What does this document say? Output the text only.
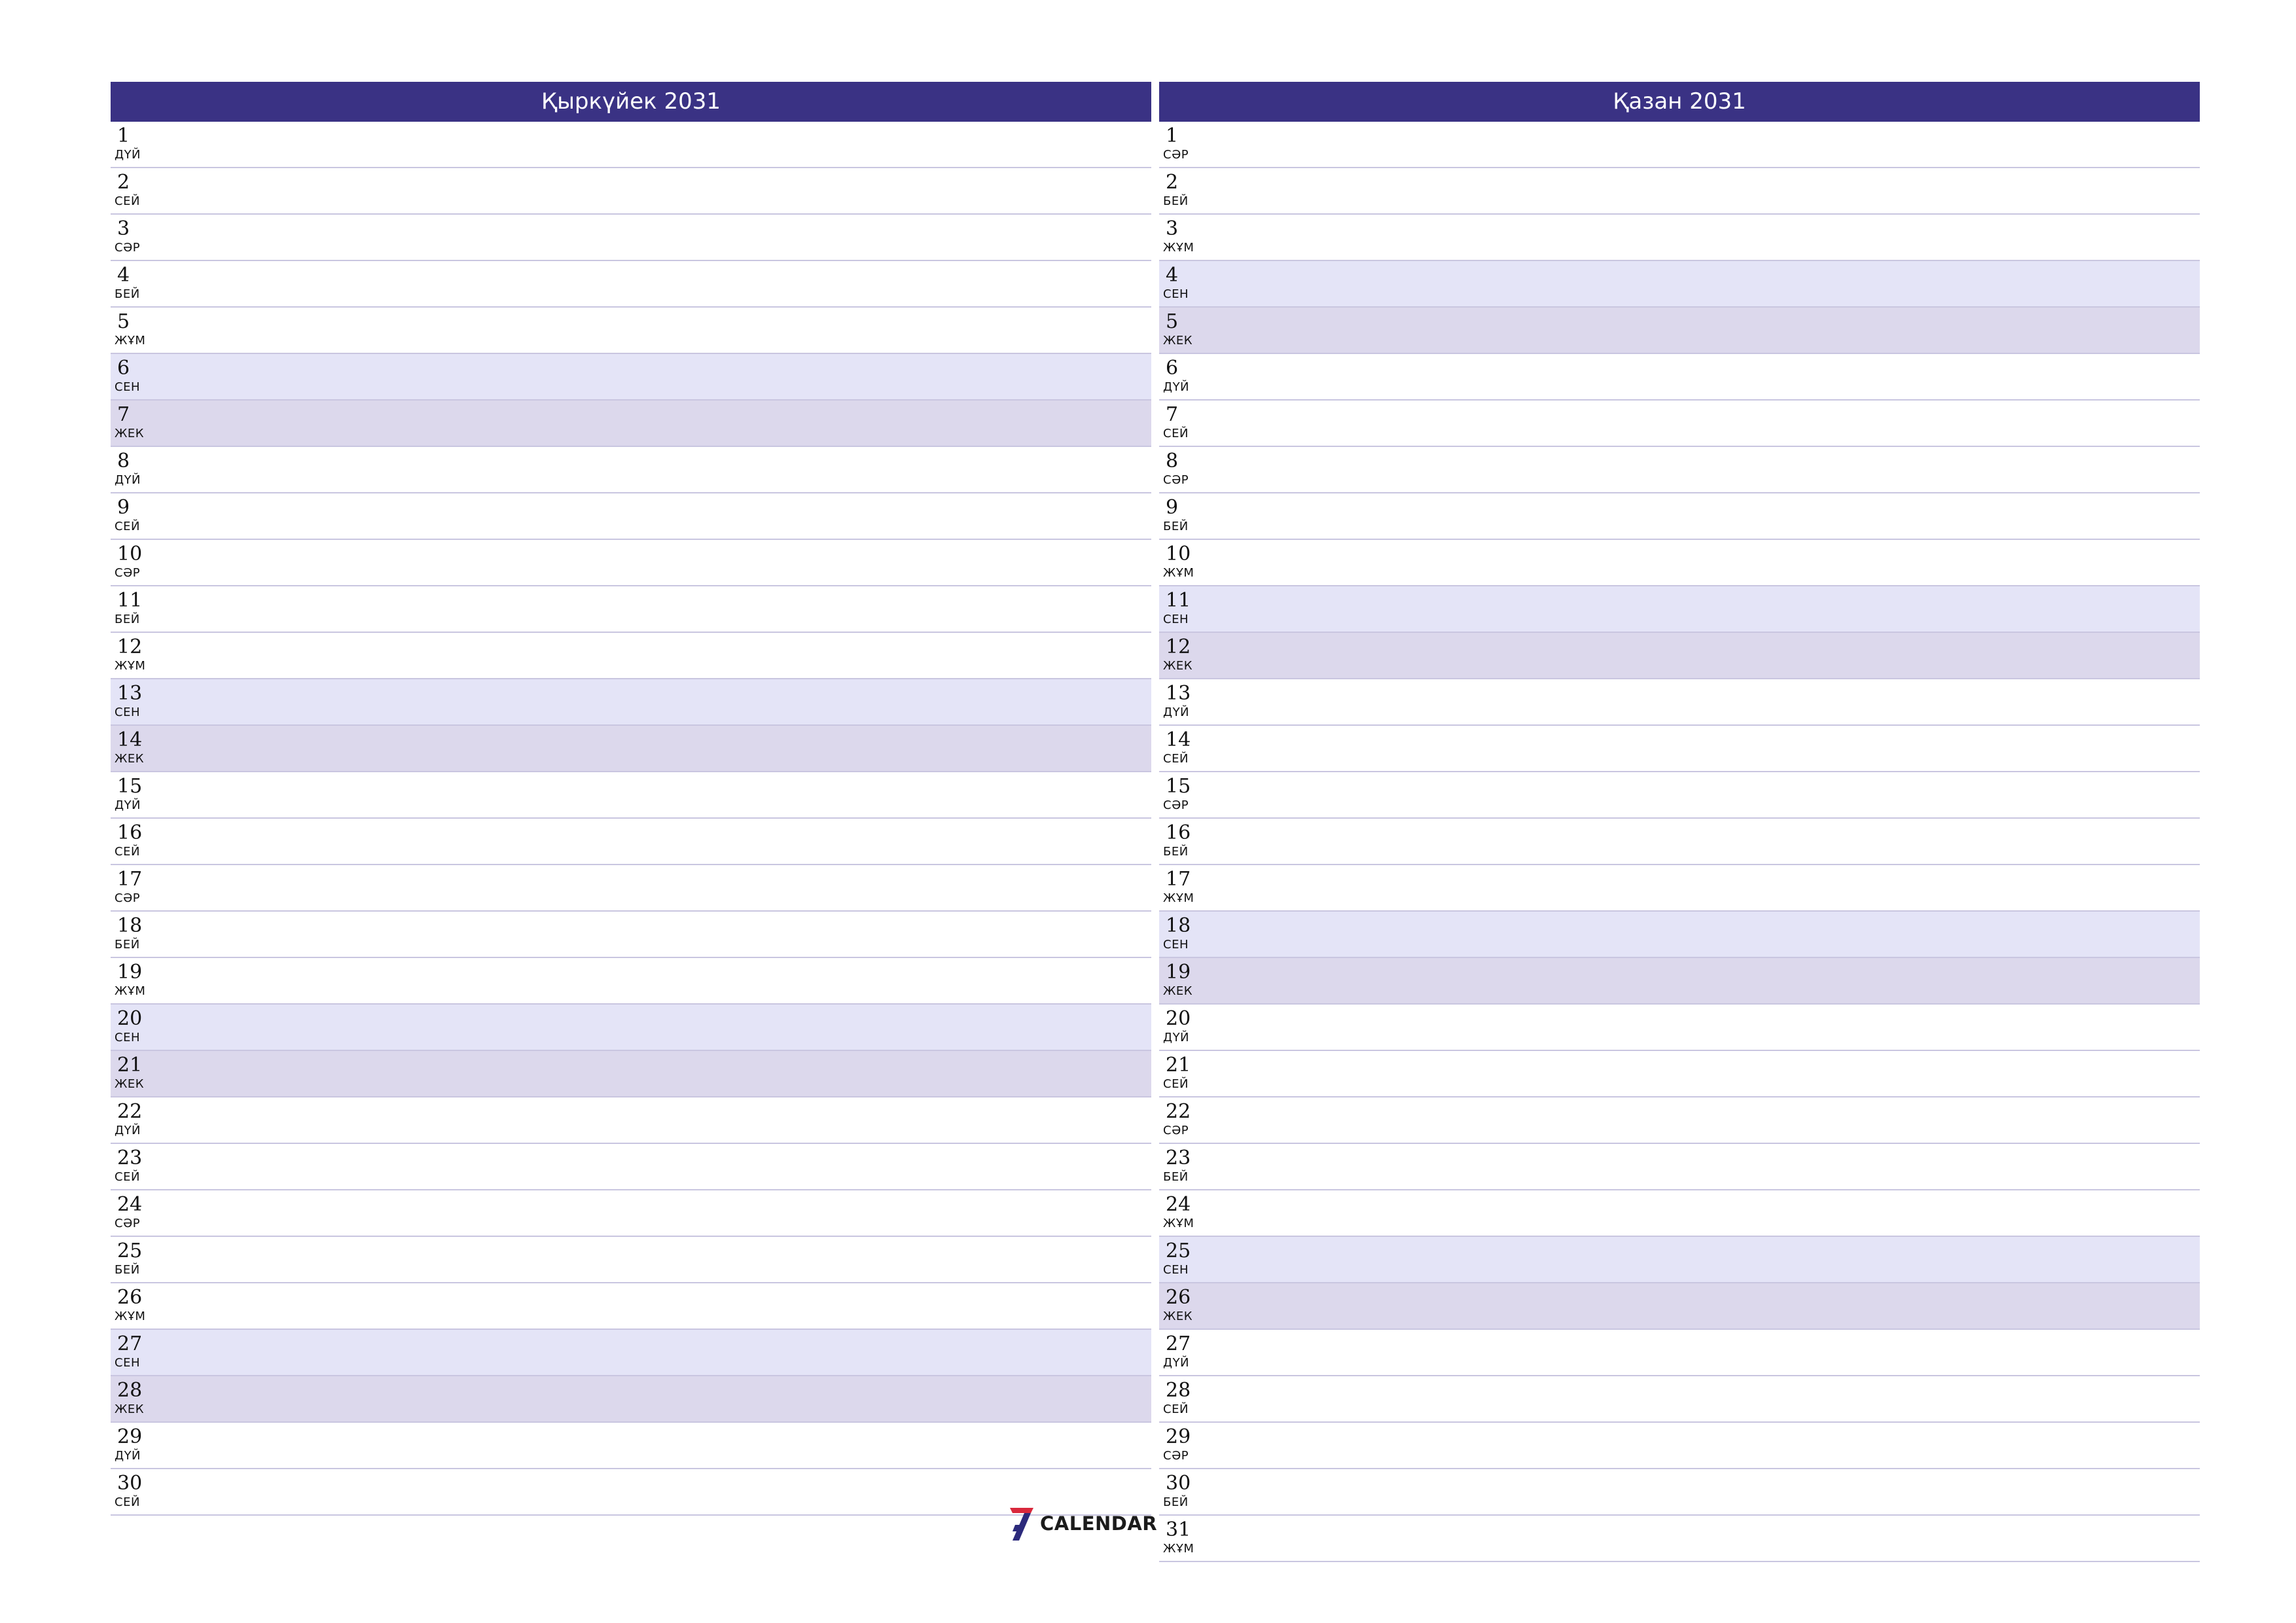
Қыркүйек 2031
1
ДҮЙ
2
СЕЙ
3
СӘР
4
БЕЙ
5
ЖҰМ
6
СЕН
7
ЖЕК
8
ДҮЙ
9
СЕЙ
10
СӘР
11
БЕЙ
12
ЖҰМ
13
СЕН
14
ЖЕК
15
ДҮЙ
16
СЕЙ
17
СӘР
18
БЕЙ
19
ЖҰМ
20
СЕН
21
ЖЕК
22
ДҮЙ
23
СЕЙ
24
СӘР
25
БЕЙ
26
ЖҰМ
27
СЕН
28
ЖЕК
29
ДҮЙ
30
СЕЙ
Қазан 2031
1
СӘР
2
БЕЙ
3
ЖҰМ
4
СЕН
5
ЖЕК
6
ДҮЙ
7
СЕЙ
8
СӘР
9
БЕЙ
10
ЖҰМ
11
СЕН
12
ЖЕК
13
ДҮЙ
14
СЕЙ
15
СӘР
16
БЕЙ
17
ЖҰМ
18
СЕН
19
ЖЕК
20
ДҮЙ
21
СЕЙ
22
СӘР
23
БЕЙ
24
ЖҰМ
25
СЕН
26
ЖЕК
27
ДҮЙ
28
СЕЙ
29
СӘР
30
БЕЙ
31
ЖҰМ
CALENDAR
